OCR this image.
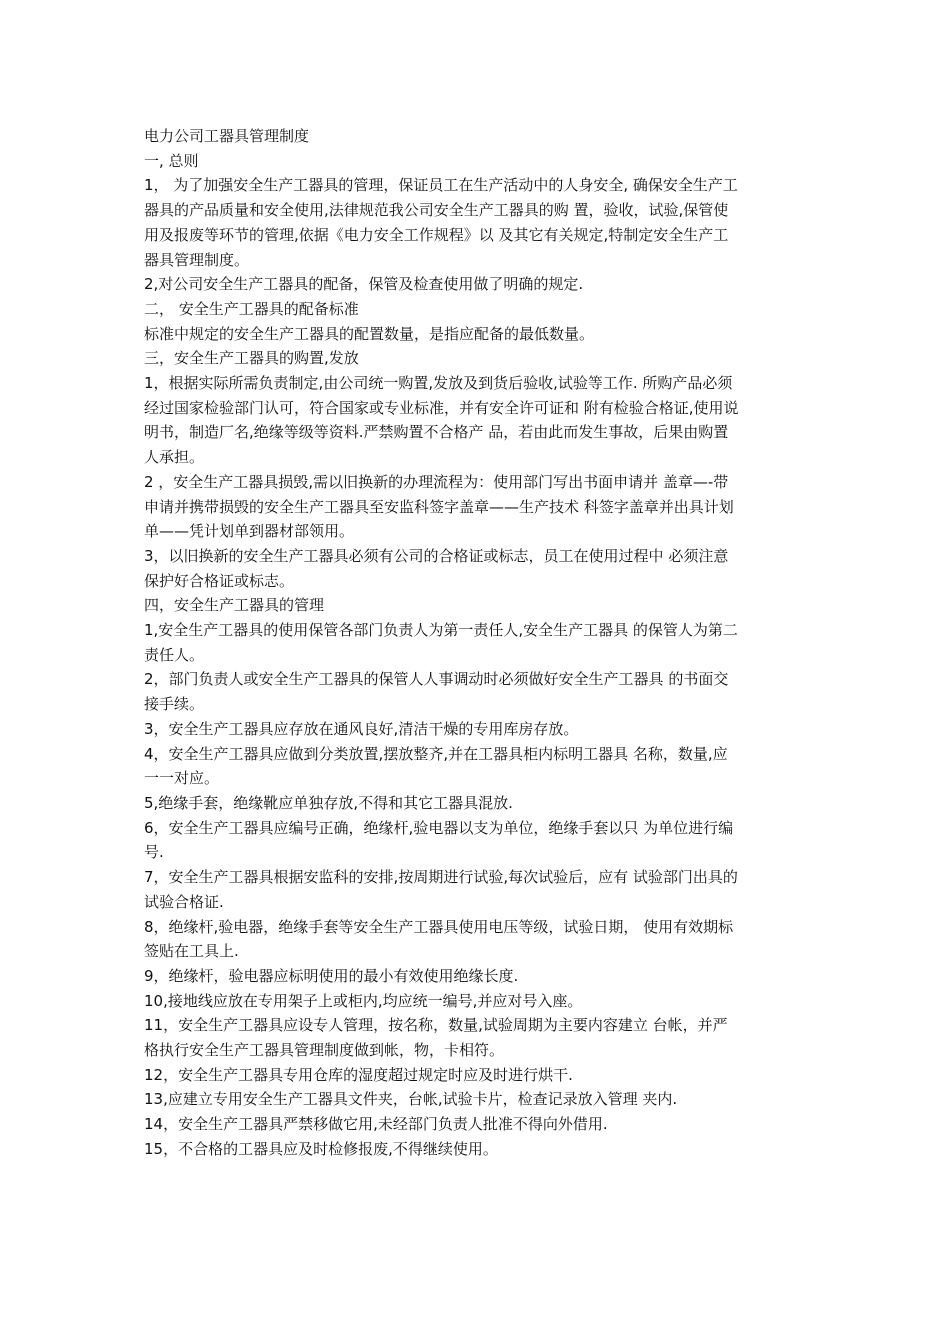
电力公司工器具管理制度
一, 总则
1， 为了加强安全生产工器具的管理，保证员工在生产活动中的人身安全, 确保安全生产工
器具的产品质量和安全使用,法律规范我公司安全生产工器具的购 置，验收，试验,保管使
用及报废等环节的管理,依据《电力安全工作规程》以 及其它有关规定,特制定安全生产工
器具管理制度。
2,对公司安全生产工器具的配备，保管及检查使用做了明确的规定.
二， 安全生产工器具的配备标准
标准中规定的安全生产工器具的配置数量，是指应配备的最低数量。
三，安全生产工器具的购置,发放
1，根据实际所需负责制定,由公司统一购置,发放及到货后验收,试验等工作. 所购产品必须
经过国家检验部门认可，符合国家或专业标准，并有安全许可证和 附有检验合格证,使用说
明书，制造厂名,绝缘等级等资料.严禁购置不合格产 品，若由此而发生事故，后果由购置
人承担。
2 ，安全生产工器具损毁,需以旧换新的办理流程为：使用部门写出书面申请并 盖章—-带
申请并携带损毁的安全生产工器具至安监科签字盖章——生产技术 科签字盖章并出具计划
单——凭计划单到器材部领用。
3，以旧换新的安全生产工器具必须有公司的合格证或标志，员工在使用过程中 必须注意
保护好合格证或标志。
四，安全生产工器具的管理
1,安全生产工器具的使用保管各部门负责人为第一责任人,安全生产工器具 的保管人为第二
责任人。
2，部门负责人或安全生产工器具的保管人人事调动时必须做好安全生产工器具 的书面交
接手续。
3，安全生产工器具应存放在通风良好,清洁干燥的专用库房存放。
4，安全生产工器具应做到分类放置,摆放整齐,并在工器具柜内标明工器具 名称，数量,应
一一对应。
5,绝缘手套，绝缘靴应单独存放,不得和其它工器具混放.
6，安全生产工器具应编号正确，绝缘杆,验电器以支为单位，绝缘手套以只 为单位进行编
号.
7，安全生产工器具根据安监科的安排,按周期进行试验,每次试验后，应有 试验部门出具的
试验合格证.
8，绝缘杆,验电器，绝缘手套等安全生产工器具使用电压等级，试验日期， 使用有效期标
签贴在工具上.
9，绝缘杆，验电器应标明使用的最小有效使用绝缘长度.
10,接地线应放在专用架子上或柜内,均应统一编号,并应对号入座。
11，安全生产工器具应设专人管理，按名称，数量,试验周期为主要内容建立 台帐，并严
格执行安全生产工器具管理制度做到帐，物，卡相符。
12，安全生产工器具专用仓库的湿度超过规定时应及时进行烘干.
13,应建立专用安全生产工器具文件夹，台帐,试验卡片，检查记录放入管理 夹内.
14，安全生产工器具严禁移做它用,未经部门负责人批准不得向外借用.
15，不合格的工器具应及时检修报废,不得继续使用。
